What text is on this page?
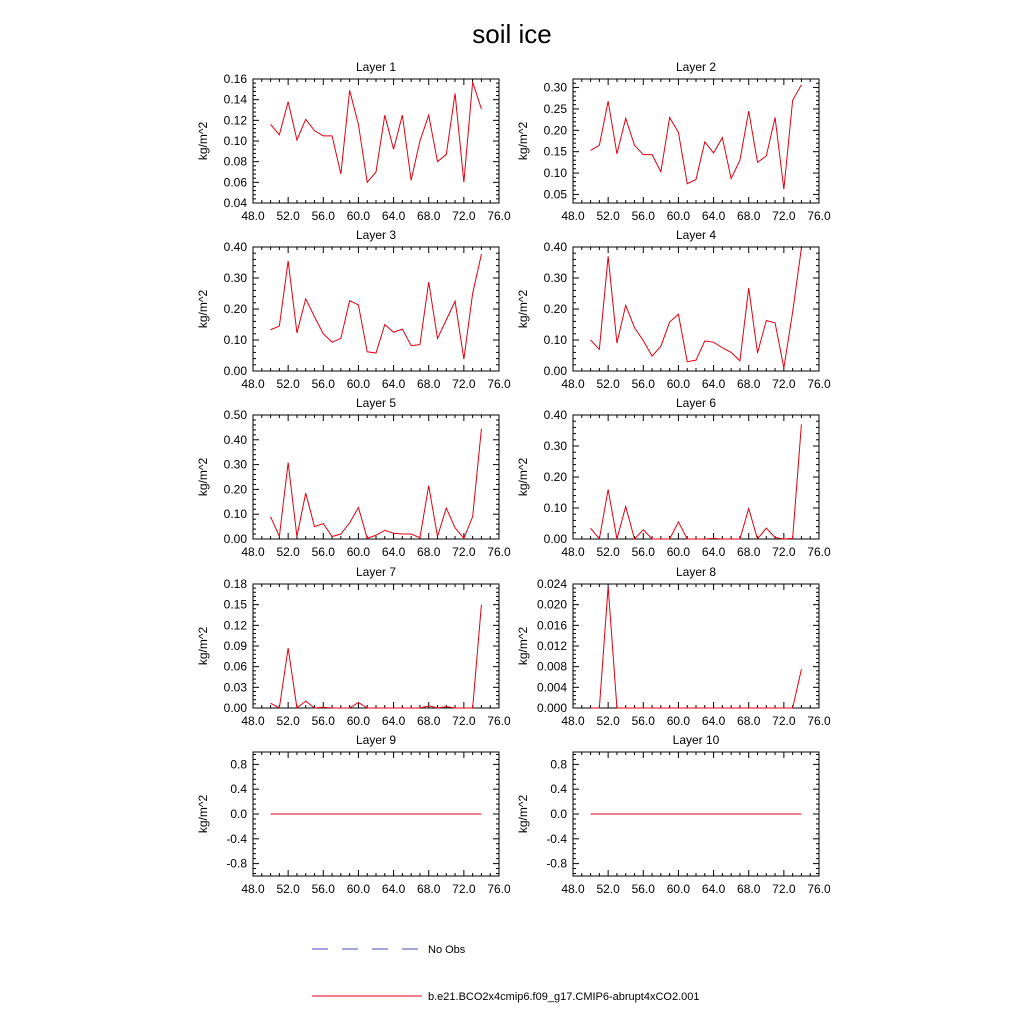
soil ice
Layer 1
48.0 52.0 56.0 60.0 64.0 68.0 72.0 76.0
0.04
0.06
0.08
0.10
0.12
0.14
0.16
kg/m^2
Layer 2
48.0 52.0 56.0 60.0 64.0 68.0 72.0 76.0
0.05
0.10
0.15
0.20
0.25
0.30
kg/m^2
Layer 3
48.0 52.0 56.0 60.0 64.0 68.0 72.0 76.0
0.00
0.10
0.20
0.30
0.40
kg/m^2
Layer 4
48.0 52.0 56.0 60.0 64.0 68.0 72.0 76.0
0.00
0.10
0.20
0.30
0.40
kg/m^2
Layer 5
48.0 52.0 56.0 60.0 64.0 68.0 72.0 76.0
0.00
0.10
0.20
0.30
0.40
0.50
kg/m^2
Layer 6
48.0 52.0 56.0 60.0 64.0 68.0 72.0 76.0
0.00
0.10
0.20
0.30
0.40
kg/m^2
Layer 7
48.0 52.0 56.0 60.0 64.0 68.0 72.0 76.0
0.00
0.03
0.06
0.09
0.12
0.15
0.18
kg/m^2
Layer 8
48.0 52.0 56.0 60.0 64.0 68.0 72.0 76.0
0.000
0.004
0.008
0.012
0.016
0.020
0.024
kg/m^2
Layer 9
48.0 52.0 56.0 60.0 64.0 68.0 72.0 76.0
-0.8
-0.4
0.0
0.4
0.8
kg/m^2
Layer 10
48.0 52.0 56.0 60.0 64.0 68.0 72.0 76.0
-0.8
-0.4
0.0
0.4
0.8
kg/m^2
No Obs
b.e21.BCO2x4cmip6.f09_g17.CMIP6-abrupt4xCO2.001
